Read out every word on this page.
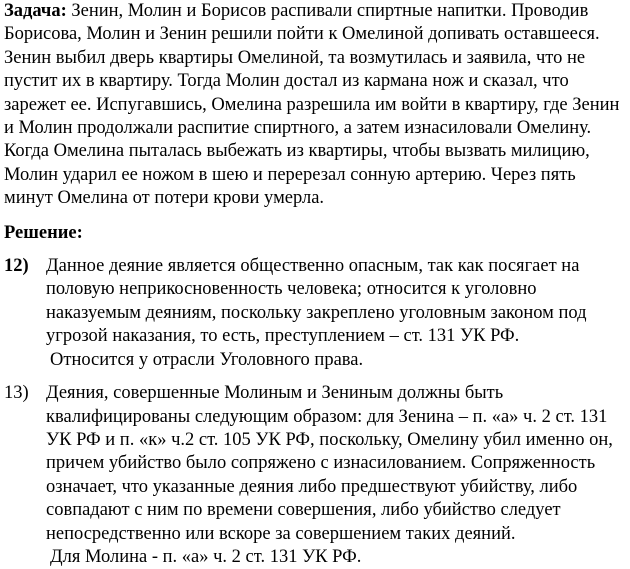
Задача: Зенин, Молин и Борисов распивали спиртные напитки. Проводив Борисова, Молин и Зенин решили пойти к Омелиной допивать оставшееся. Зенин выбил дверь квартиры Омелиной, та возмутилась и заявила, что не пустит их в квартиру. Тогда Молин достал из кармана нож и сказал, что зарежет ее. Испугавшись, Омелина разрешила им войти в квартиру, где Зенин и Молин продолжали распитие спиртного, а затем изнасиловали Омелину. Когда Омелина пыталась выбежать из квартиры, чтобы вызвать милицию, Молин ударил ее ножом в шею и перерезал сонную артерию. Через пять минут Омелина от потери крови умерла.

Решение:
12) Данное деяние является общественно опасным, так как посягает на половую неприкосновенность человека; относится к уголовно наказуемым деяниям, поскольку закреплено уголовным законом под угрозой наказания, то есть, преступлением – ст. 131 УК РФ.

Относится у отрасли Уголовного права.

13) Деяния, совершенные Молиным и Зениным должны быть квалифицированы следующим образом: для Зенина – п. «а» ч. 2 ст. 131 УК РФ и п. «к» ч.2 ст. 105 УК РФ, поскольку, Омелину убил именно он, причем убийство было сопряжено с изнасилованием. Сопряженность означает, что указанные деяния либо предшествуют убийству, либо совпадают с ним по времени совершения, либо убийство следует непосредственно или вскоре за совершением таких деяний.

Для Молина - п. «а» ч. 2 ст. 131 УК РФ.
